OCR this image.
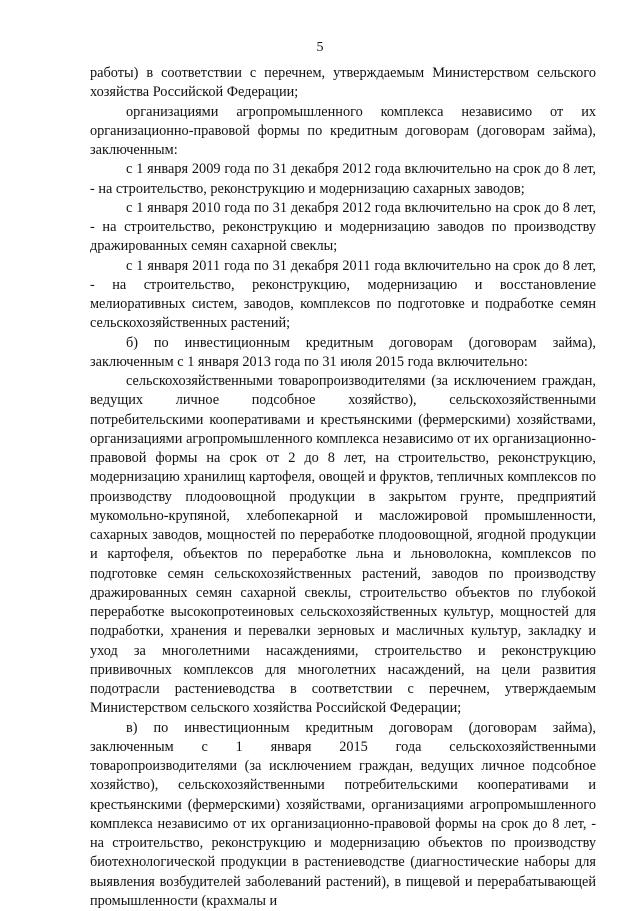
5

работы) в соответствии с перечнем, утверждаемым Министерством сельского хозяйства Российской Федерации;

организациями агропромышленного комплекса независимо от их организационно-правовой формы по кредитным договорам (договорам займа), заключенным:

с 1 января 2009 года по 31 декабря 2012 года включительно на срок до 8 лет, - на строительство, реконструкцию и модернизацию сахарных заводов;

с 1 января 2010 года по 31 декабря 2012 года включительно на срок до 8 лет, - на строительство, реконструкцию и модернизацию заводов по производству дражированных семян сахарной свеклы;

с 1 января 2011 года по 31 декабря 2011 года включительно на срок до 8 лет, - на строительство, реконструкцию, модернизацию и восстановление мелиоративных систем, заводов, комплексов по подготовке и подработке семян сельскохозяйственных растений;

б) по инвестиционным кредитным договорам (договорам займа), заключенным с 1 января 2013 года по 31 июля 2015 года включительно:

сельскохозяйственными товаропроизводителями (за исключением граждан, ведущих личное подсобное хозяйство), сельскохозяйственными потребительскими кооперативами и крестьянскими (фермерскими) хозяйствами, организациями агропромышленного комплекса независимо от их организационно-правовой формы на срок от 2 до 8 лет, на строительство, реконструкцию, модернизацию хранилищ картофеля, овощей и фруктов, тепличных комплексов по производству плодоовощной продукции в закрытом грунте, предприятий мукомольно-крупяной, хлебопекарной и масложировой промышленности, сахарных заводов, мощностей по переработке плодоовощной, ягодной продукции и картофеля, объектов по переработке льна и льноволокна, комплексов по подготовке семян сельскохозяйственных растений, заводов по производству дражированных семян сахарной свеклы, строительство объектов по глубокой переработке высокопротеиновых сельскохозяйственных культур, мощностей для подработки, хранения и перевалки зерновых и масличных культур, закладку и уход за многолетними насаждениями, строительство и реконструкцию прививочных комплексов для многолетних насаждений, на цели развития подотрасли растениеводства в соответствии с перечнем, утверждаемым Министерством сельского хозяйства Российской Федерации;

в) по инвестиционным кредитным договорам (договорам займа), заключенным с 1 января 2015 года сельскохозяйственными товаропроизводителями (за исключением граждан, ведущих личное подсобное хозяйство), сельскохозяйственными потребительскими кооперативами и крестьянскими (фермерскими) хозяйствами, организациями агропромышленного комплекса независимо от их организационно-правовой формы на срок до 8 лет, - на строительство, реконструкцию и модернизацию объектов по производству биотехнологической продукции в растениеводстве (диагностические наборы для выявления возбудителей заболеваний растений), в пищевой и перерабатывающей промышленности (крахмалы и
